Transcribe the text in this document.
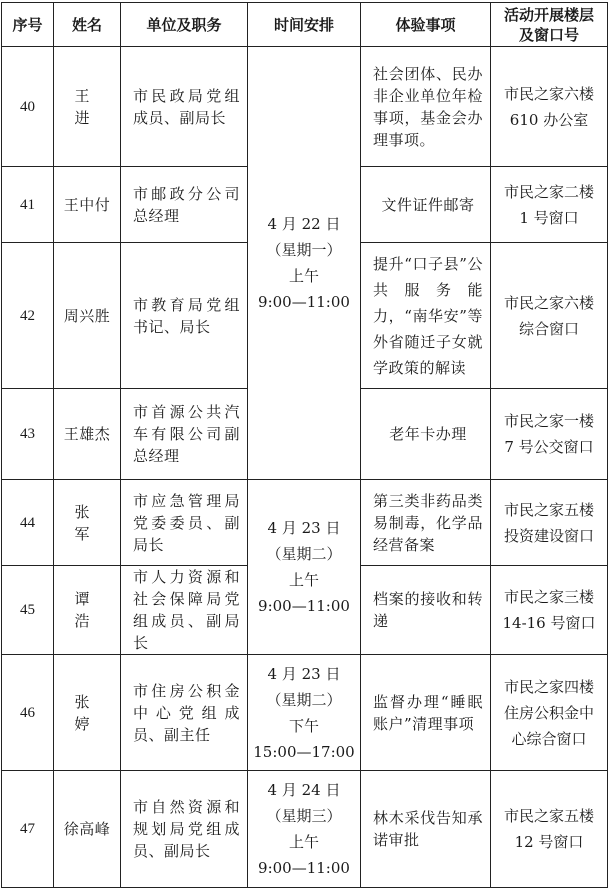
序号	姓名	单位及职务	时间安排	体验事项	活动开展楼层及窗口号
40	王　进	市民政局党组成员、副局长	4 月 22 日
（星期一）
上午
9:00—11:00	社会团体、民办非企业单位年检事项，基金会办理事项。	市民之家六楼
610 办公室

41	王中付	市邮政分公司总经理		文件证件邮寄	市民之家二楼
1 号窗口

42	周兴胜	市教育局党组书记、局长		提升“口子县”公共服务能力，“南华安”等外省随迁子女就学政策的解读	市民之家六楼
综合窗口

43	王雄杰	市首源公共汽车有限公司副总经理		老年卡办理	市民之家一楼
7 号公交窗口

44	张　军	市应急管理局党委委员、副局长	4 月 23 日
（星期二）
上午
9:00—11:00	第三类非药品类易制毒，化学品经营备案	市民之家五楼
投资建设窗口

45	谭　浩	市人力资源和社会保障局党组成员、副局长		档案的接收和转递	市民之家三楼
14-16 号窗口

46	张　婷	市住房公积金中心党组成员、副主任	4 月 23 日
（星期二）
下午
15:00—17:00	监督办理“睡眠账户”清理事项	市民之家四楼
住房公积金中
心综合窗口

47	徐高峰	市自然资源和规划局党组成员、副局长	4 月 24 日
（星期三）
上午
9:00—11:00	林木采伐告知承诺审批	市民之家五楼
12 号窗口
